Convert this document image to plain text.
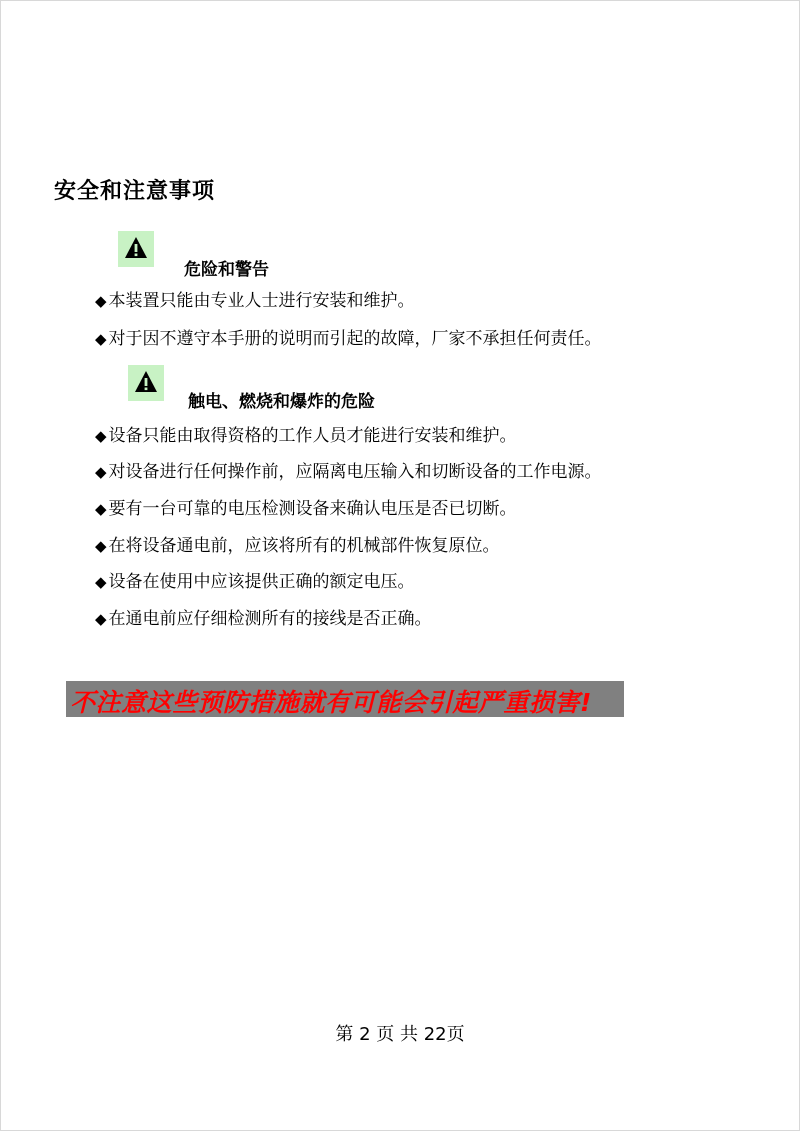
安全和注意事项
危险和警告
◆ 本装置只能由专业人士进行安装和维护。
◆ 对于因不遵守本手册的说明而引起的故障，厂家不承担任何责任。
触电、燃烧和爆炸的危险
◆ 设备只能由取得资格的工作人员才能进行安装和维护。
◆ 对设备进行任何操作前，应隔离电压输入和切断设备的工作电源。
◆ 要有一台可靠的电压检测设备来确认电压是否已切断。
◆ 在将设备通电前，应该将所有的机械部件恢复原位。
◆ 设备在使用中应该提供正确的额定电压。
◆ 在通电前应仔细检测所有的接线是否正确。
不注意这些预防措施就有可能会引起严重损害!
第 2 页 共 22页
